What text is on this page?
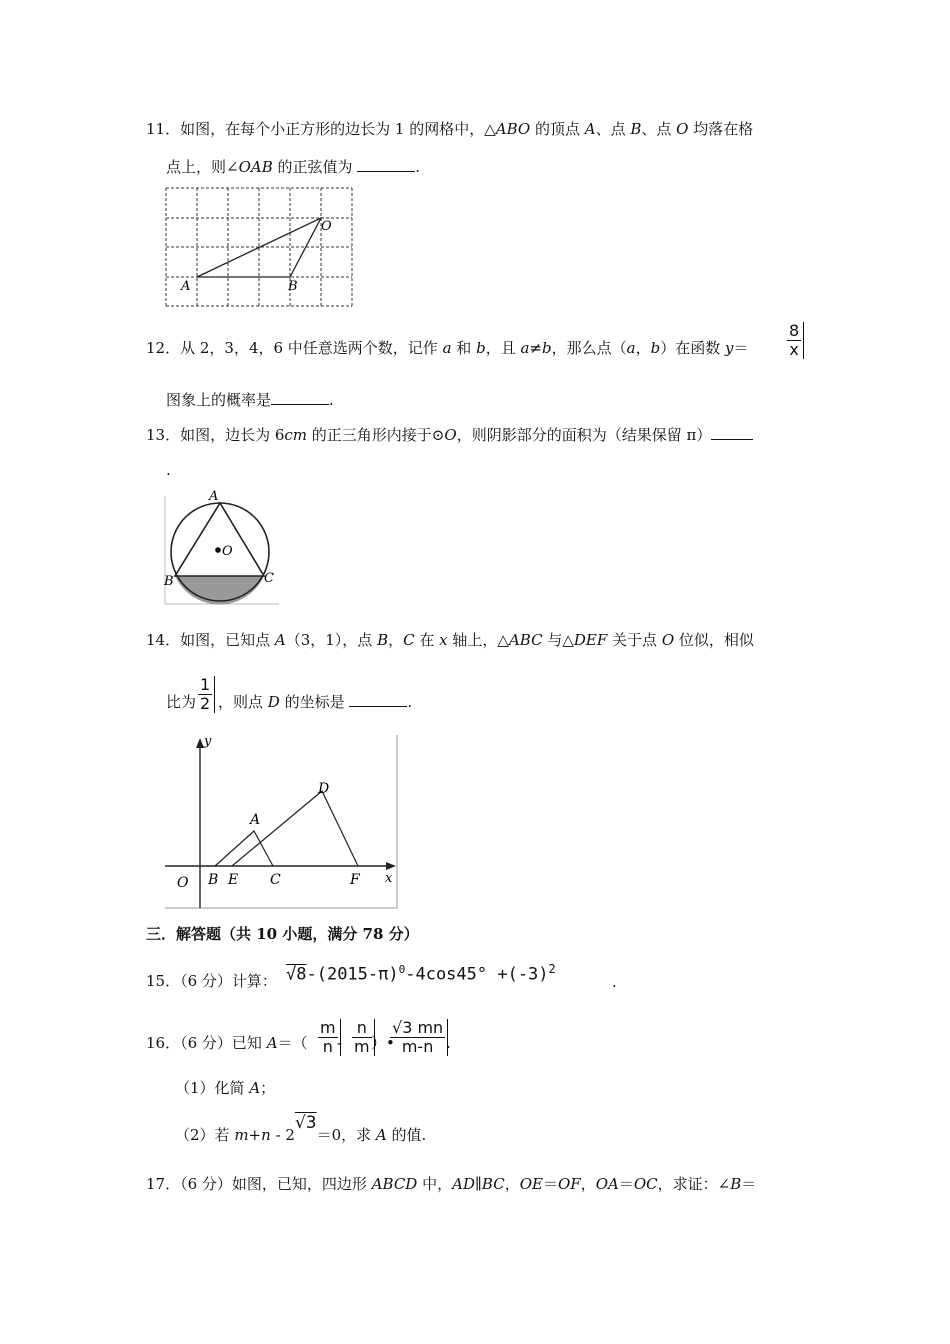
11．如图，在每个小正方形的边长为 1 的网格中，△ABO 的顶点 A、点 B、点 O 均落在格
点上，则∠OAB 的正弦值为	.
A	B
O
12．从 2，3，4，6 中任意选两个数，记作 a 和 b，且 a≠b，那么点（a，b）在函数 $y= \frac{8}{x}$
图象上的概率是	.
13．如图，边长为 6cm 的正三角形内接于⊙O，则阴影部分的面积为（结果保留 π）
.
A
B	C
O
14．如图，已知点 A（3，1），点 B，C 在 x 轴上，△ABC 与△DEF 关于点 O 位似，相似
比为 $\frac{1}{2}$ ，则点 D 的坐标是	.
y
x
O B E C	F
A
D
三．解答题（共 10 小题，满分 78 分）
15．（6 分）计算： $√8-(2015-\pi)^0-4\cos 45^\circ +(-3)^2$
.
16．（6 分）已知 $A=( \frac{m}{n}$
- $\frac{n}{m}$
）•
$\frac{√3 mn}{m-n}$
.
（1）化简 A；
（2）若 m+n - 2√3＝0，求 A 的值.
17．（6 分）如图，已知，四边形 ABCD 中，AD∥BC，OE＝OF，OA＝OC，求证：∠B＝
